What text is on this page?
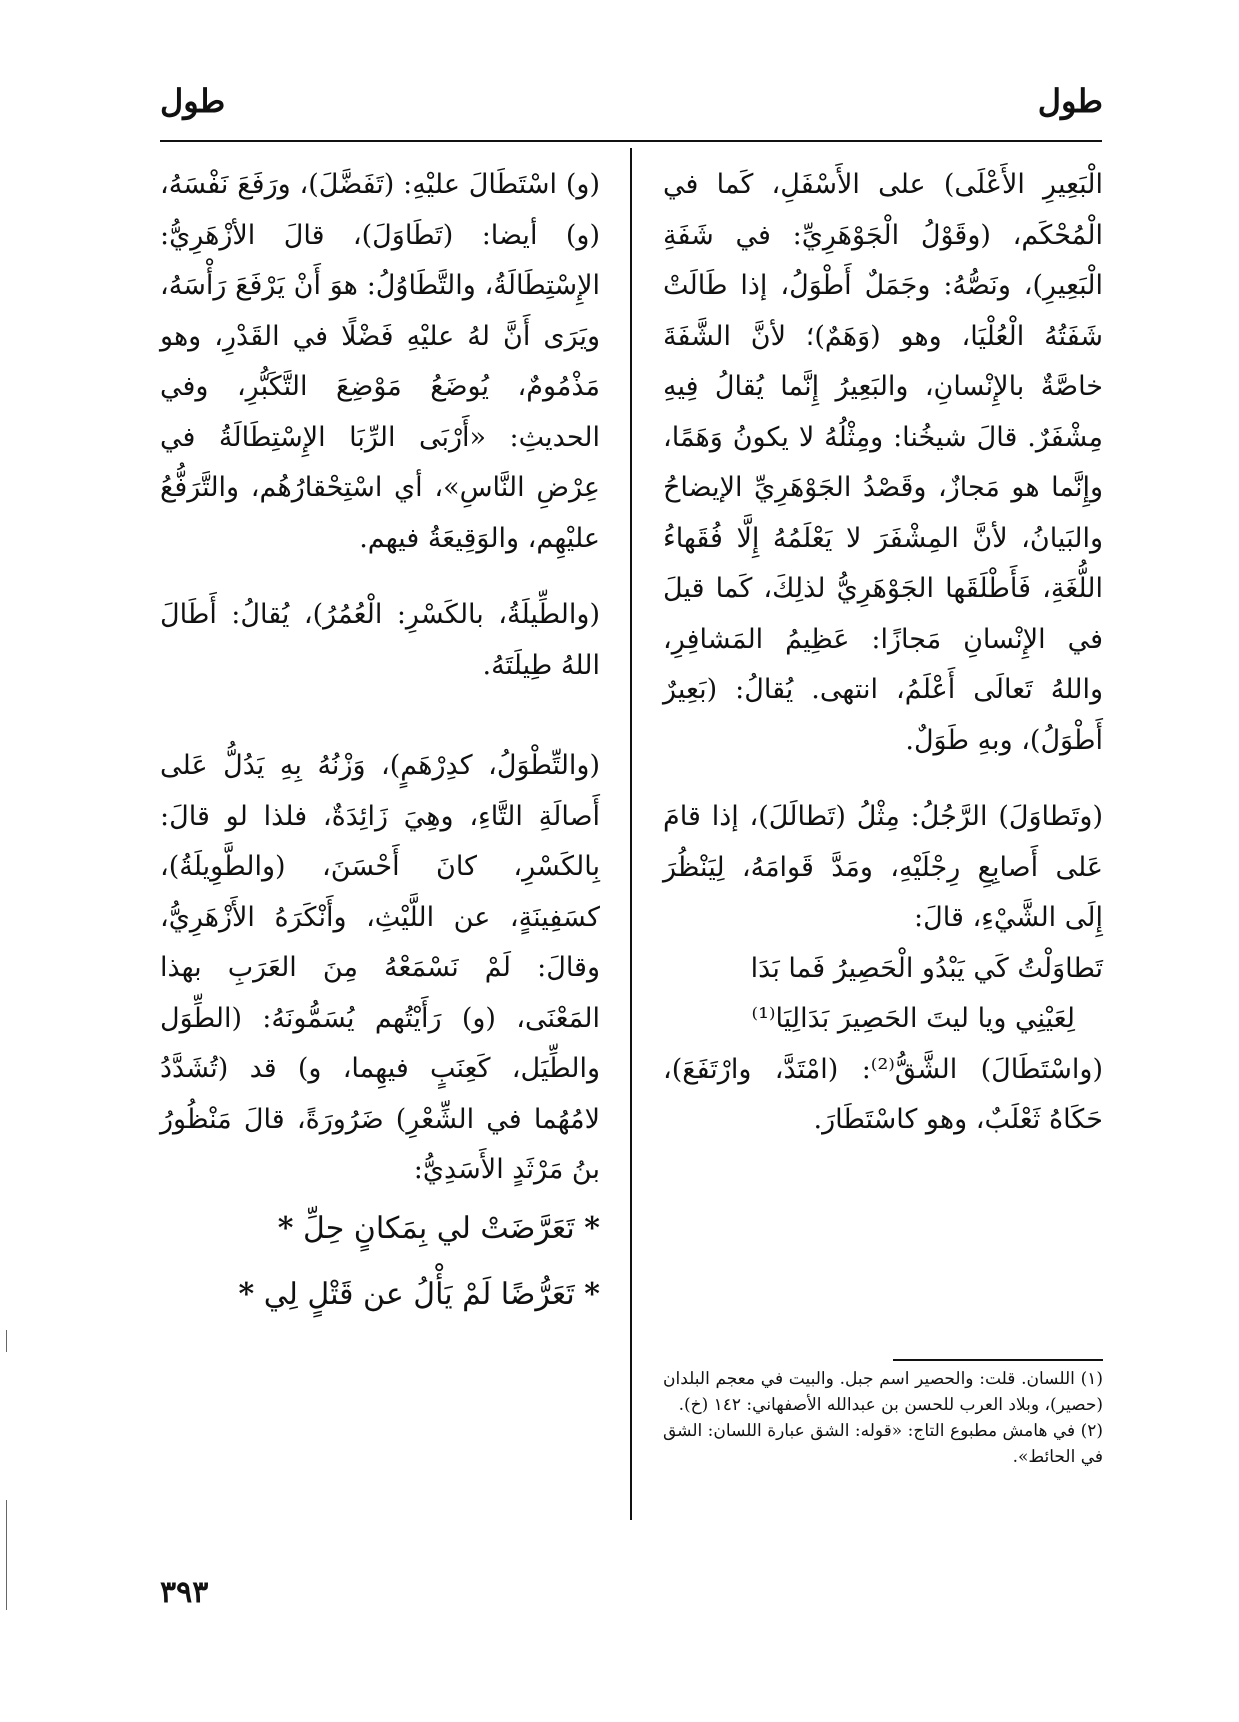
طول
طول

الْبَعِيرِ الأَعْلَى) على الأَسْفَلِ، كَما في الْمُحْكَم، (وقَوْلُ الْجَوْهَرِيِّ: في شَفَةِ الْبَعِيرِ)، ونَصُّهُ: وجَمَلٌ أَطْوَلُ، إذا طَالَتْ شَفَتُهُ الْعُلْيَا، وهو (وَهَمٌ)؛ لأنَّ الشَّفَةَ خاصَّةٌ بالإِنْسانِ، والبَعِيرُ إِنَّما يُقالُ فِيهِ مِشْفَرٌ. قالَ شيخُنا: ومِثْلُهُ لا يكونُ وَهَمًا، وإِنَّما هو مَجازٌ، وقَصْدُ الجَوْهَرِيِّ الإيضاحُ والبَيانُ، لأنَّ المِشْفَرَ لا يَعْلَمُهُ إِلَّا فُقَهاءُ اللُّغَةِ، فَأَطْلَقَها الجَوْهَرِيُّ لذلِكَ، كَما قيلَ في الإِنْسانِ مَجازًا: عَظِيمُ المَشافِرِ، واللهُ تَعالَى أَعْلَمُ، انتهى. يُقالُ: (بَعِيرٌ أَطْوَلُ)، وبهِ طَوَلٌ.

(وتَطاوَلَ) الرَّجُلُ: مِثْلُ (تَطالَلَ)، إذا قامَ عَلى أَصابِعِ رِجْلَيْهِ، ومَدَّ قَوامَهُ، لِيَنْظُرَ إِلَى الشَّيْءِ، قالَ:

تَطاوَلْتُ كَي يَبْدُو الْحَصِيرُ فَما بَدَا

لِعَيْنِي ويا ليتَ الحَصِيرَ بَدَالِيَا⁽¹⁾

(واسْتَطَالَ) الشَّقُّ⁽²⁾: (امْتَدَّ، وارْتَفَعَ)، حَكَاهُ ثَعْلَبٌ، وهو كاسْتَطَارَ.

(و) اسْتَطَالَ عليْهِ: (تَفَضَّلَ)، ورَفَعَ نَفْسَهُ، (و) أيضا: (تَطَاوَلَ)، قالَ الأزْهَرِيُّ: الإِسْتِطَالَةُ، والتَّطَاوُلُ: هوَ أَنْ يَرْفَعَ رَأْسَهُ، ويَرَى أَنَّ لهُ عليْهِ فَضْلًا في القَدْرِ، وهو مَذْمُومٌ، يُوضَعُ مَوْضِعَ التَّكَبُّرِ، وفي الحديثِ: «أَرْبَى الرِّبَا الإِسْتِطَالَةُ في عِرْضِ النَّاسِ»، أي اسْتِحْقارُهُم، والتَّرَفُّعُ عليْهِم، والوَقِيعَةُ فيهم.

(والطِّيلَةُ، بالكَسْرِ: الْعُمُرُ)، يُقالُ: أَطَالَ اللهُ طِيلَتَهُ.

(والتِّطْوَلُ، كدِرْهَمٍ)، وَزْنُهُ بِهِ يَدُلُّ عَلى أَصالَةِ التَّاءِ، وهِيَ زَائِدَةٌ، فلذا لو قالَ: بِالكَسْرِ، كانَ أَحْسَنَ، (والطَّوِيلَةُ)، كسَفِينَةٍ، عن اللَّيْثِ، وأَنْكَرَهُ الأَزْهَرِيُّ، وقالَ: لَمْ نَسْمَعْهُ مِنَ العَرَبِ بهذا المَعْنَى، (و) رَأَيْتُهم يُسَمُّونَهُ: (الطِّوَل والطِّيَل، كَعِنَبٍ فيهِما، و) قد (تُشَدَّدُ لامُهُما في الشِّعْرِ) ضَرُورَةً، قالَ مَنْظُورُ بنُ مَرْثَدٍ الأَسَدِيُّ:

* تَعَرَّضَتْ لي بِمَكانٍ حِلِّ *
* تَعَرُّضًا لَمْ يَأْلُ عن قَتْلٍ لِي *

(١) اللسان. قلت: والحصير اسم جبل. والبيت في معجم البلدان (حصير)، وبلاد العرب للحسن بن عبدالله الأصفهاني: ١٤٢ (خ).

(٢) في هامش مطبوع التاج: «قوله: الشق عبارة اللسان: الشق في الحائط».

٣٩٣
